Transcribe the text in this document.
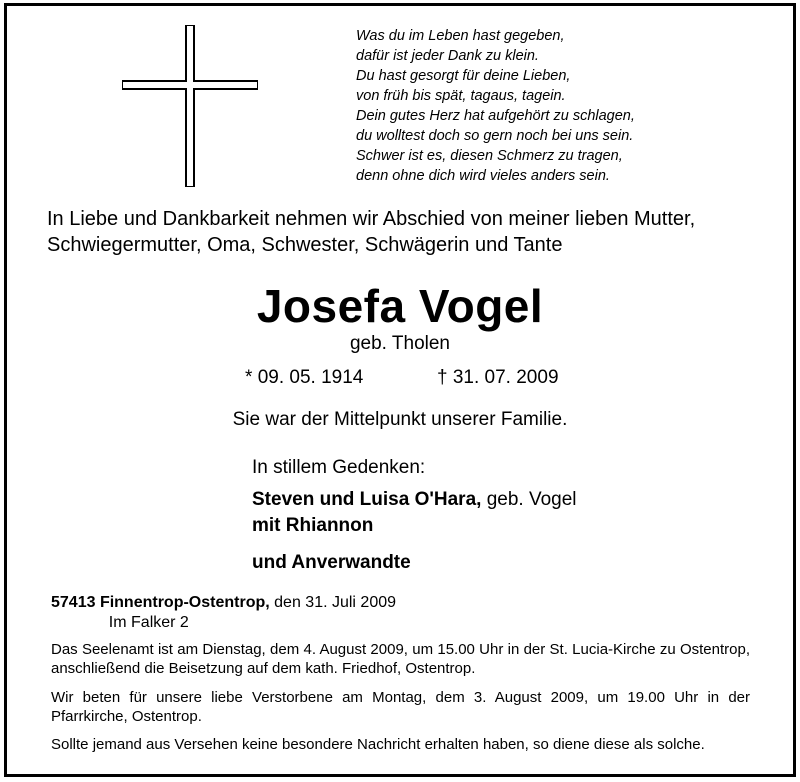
Was du im Leben hast gegeben,
dafür ist jeder Dank zu klein.
Du hast gesorgt für deine Lieben,
von früh bis spät, tagaus, tagein.
Dein gutes Herz hat aufgehört zu schlagen,
du wolltest doch so gern noch bei uns sein.
Schwer ist es, diesen Schmerz zu tragen,
denn ohne dich wird vieles anders sein.
In Liebe und Dankbarkeit nehmen wir Abschied von meiner lieben Mutter,
Schwiegermutter, Oma, Schwester, Schwägerin und Tante
Josefa Vogel
geb. Tholen
* 09. 05. 1914	† 31. 07. 2009
Sie war der Mittelpunkt unserer Familie.
In stillem Gedenken:
Steven und Luisa O'Hara, geb. Vogel
mit Rhiannon
und Anverwandte
57413 Finnentrop-Ostentrop, den 31. Juli 2009
Im Falker 2
Das Seelenamt ist am Dienstag, dem 4. August 2009, um 15.00 Uhr in der St. Lucia-Kirche zu Ostentrop, anschließend die Beisetzung auf dem kath. Friedhof, Ostentrop.
Wir beten für unsere liebe Verstorbene am Montag, dem 3. August 2009, um 19.00 Uhr in der Pfarrkirche, Ostentrop.
Sollte jemand aus Versehen keine besondere Nachricht erhalten haben, so diene diese als solche.
